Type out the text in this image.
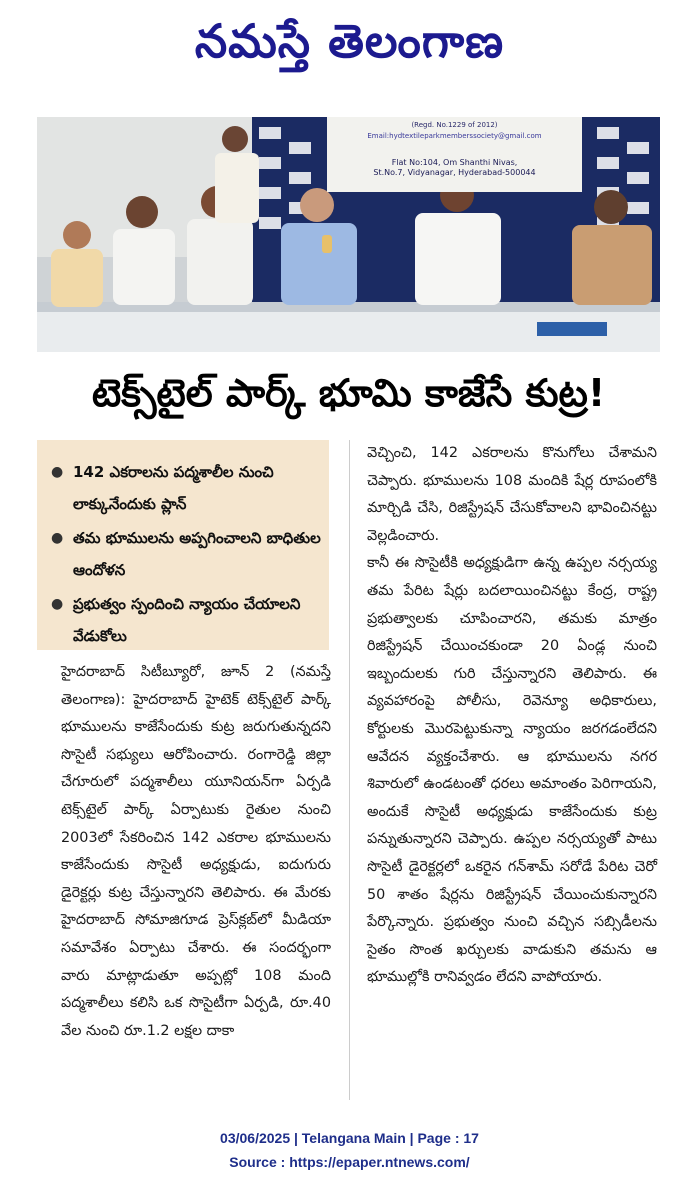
నమస్తే తెలంగాణ
(Regd. No.1229 of 2012)
Email:hydtextileparkmemberssociety@gmail.com
Flat No:104, Om Shanthi Nivas,
St.No.7, Vidyanagar, Hyderabad-500044
టెక్స్‌టైల్ పార్క్ భూమి కాజేసే కుట్ర!
● 142 ఎకరాలను పద్మశాలీల నుంచి లాక్కునేందుకు ప్లాన్
● తమ భూములను అప్పగించాలని బాధితుల ఆందోళన
● ప్రభుత్వం స్పందించి న్యాయం చేయాలని వేడుకోలు

హైదరాబాద్ సిటీబ్యూరో, జూన్ 2 (నమస్తే తెలంగాణ): హైదరాబాద్ హైటెక్ టెక్స్‌టైల్ పార్క్ భూములను కాజేసేందుకు కుట్ర జరుగుతున్నదని సొసైటీ సభ్యులు ఆరోపించారు. రంగారెడ్డి జిల్లా చేగూరులో పద్మశాలీలు యూనియన్‌గా ఏర్పడి టెక్స్‌టైల్ పార్క్ ఏర్పాటుకు రైతుల నుంచి 2003లో సేకరించిన 142 ఎకరాల భూములను కాజేసేందుకు సొసైటీ అధ్యక్షుడు, ఐదుగురు డైరెక్టర్లు కుట్ర చేస్తున్నారని తెలిపారు. ఈ మేరకు హైదరాబాద్ సోమాజిగూడ ప్రెస్‌క్లబ్‌లో మీడియా సమావేశం ఏర్పాటు చేశారు. ఈ సందర్భంగా వారు మాట్లాడుతూ అప్పట్లో 108 మంది పద్మశాలీలు కలిసి ఒక సొసైటీగా ఏర్పడి, రూ.40 వేల నుంచి రూ.1.2 లక్షల దాకా

వెచ్చించి, 142 ఎకరాలను కొనుగోలు చేశామని చెప్పారు. భూములను 108 మందికి షేర్ల రూపంలోకి మార్చిడి చేసి, రిజిస్ట్రేషన్ చేసుకోవాలని భావించినట్టు వెల్లడించారు.

కానీ ఈ సొసైటీకి అధ్యక్షుడిగా ఉన్న ఉప్పల నర్సయ్య తమ పేరిట షేర్లు బదలాయించినట్టు కేంద్ర, రాష్ట్ర ప్రభుత్వాలకు చూపించారని, తమకు మాత్రం రిజిస్ట్రేషన్ చేయించకుండా 20 ఏండ్ల నుంచి ఇబ్బందులకు గురి చేస్తున్నారని తెలిపారు. ఈ వ్యవహారంపై పోలీసు, రెవెన్యూ అధికారులు, కోర్టులకు మొరపెట్టుకున్నా న్యాయం జరగడంలేదని ఆవేదన వ్యక్తంచేశారు. ఆ భూములను నగర శివారులో ఉండటంతో ధరలు అమాంతం పెరిగాయని, అందుకే సొసైటీ అధ్యక్షుడు కాజేసేందుకు కుట్ర పన్నుతున్నారని చెప్పారు. ఉప్పల నర్సయ్యతో పాటు సొసైటీ డైరెక్టర్లలో ఒకరైన గన్‌శామ్ సరోడే పేరిట చెరో 50 శాతం షేర్లను రిజిస్ట్రేషన్ చేయించుకున్నారని పేర్కొన్నారు. ప్రభుత్వం నుంచి వచ్చిన సబ్సిడీలను సైతం సొంత ఖర్చులకు వాడుకుని తమను ఆ భూముల్లోకి రానివ్వడం లేదని వాపోయారు.

03/06/2025 | Telangana Main | Page : 17
Source : https://epaper.ntnews.com/
